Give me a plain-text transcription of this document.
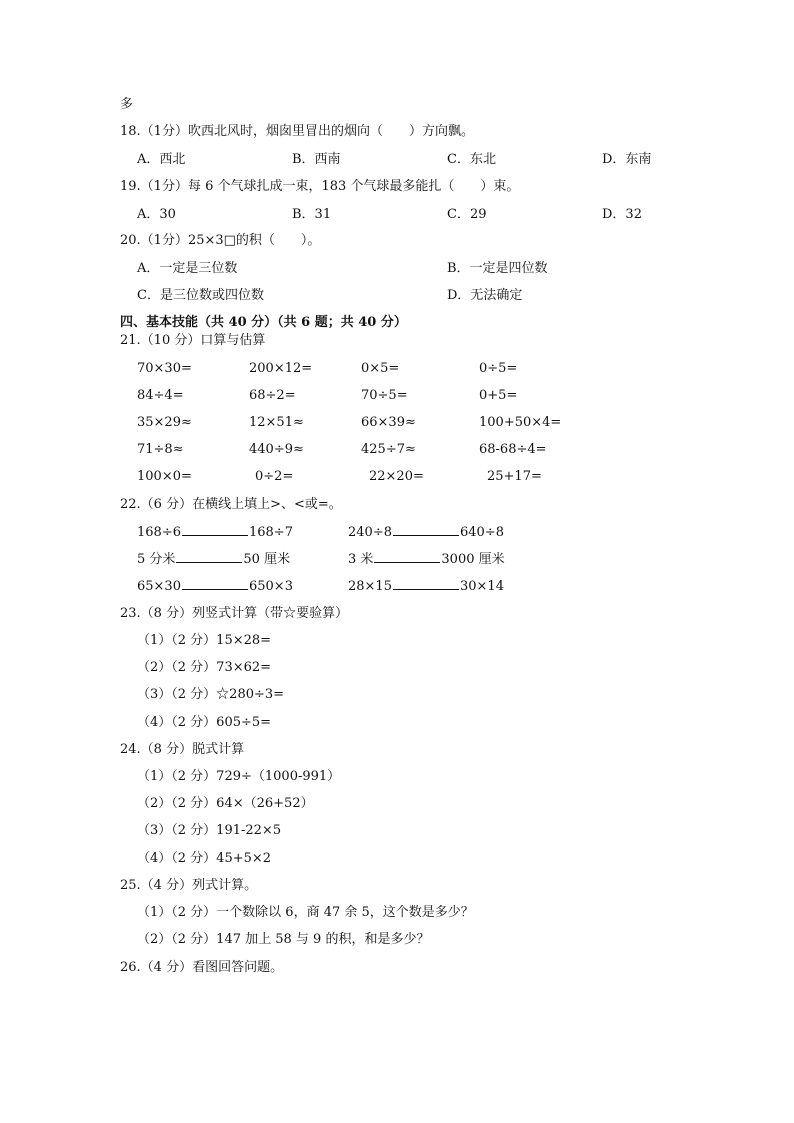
多
18.（1分）吹西北风时，烟囱里冒出的烟向（　　）方向飘。
A．西北	B．西南	C．东北	D．东南
19.（1分）每 6 个气球扎成一束，183 个气球最多能扎（　　）束。
A．30	B．31	C．29	D．32
20.（1分）25×3□的积（　　）。
A．一定是三位数	B．一定是四位数
C．是三位数或四位数	D．无法确定
四、基本技能（共 40 分）（共 6 题；共 40 分）
21.（10 分）口算与估算
70×30=	200×12=	0×5=	0÷5=
84÷4=	68÷2=	70÷5=	0+5=
35×29≈	12×51≈	66×39≈	100+50×4=
71÷8≈	440÷9≈	425÷7≈	68-68÷4=
100×0=	0÷2=	22×20=	25+17=
22.（6 分）在横线上填上>、<或=。
168÷6	168÷7	240÷8	640÷8
5 分米	50 厘米	3 米	3000 厘米
65×30	650×3	28×15	30×14
23.（8 分）列竖式计算（带☆要验算）
（1）（2 分）15×28=
（2）（2 分）73×62=
（3）（2 分）☆280÷3=
（4）（2 分）605÷5=
24.（8 分）脱式计算
（1）（2 分）729÷（1000-991）
（2）（2 分）64×（26+52）
（3）（2 分）191-22×5
（4）（2 分）45+5×2
25.（4 分）列式计算。
（1）（2 分）一个数除以 6，商 47 余 5，这个数是多少？
（2）（2 分）147 加上 58 与 9 的积，和是多少？
26.（4 分）看图回答问题。
